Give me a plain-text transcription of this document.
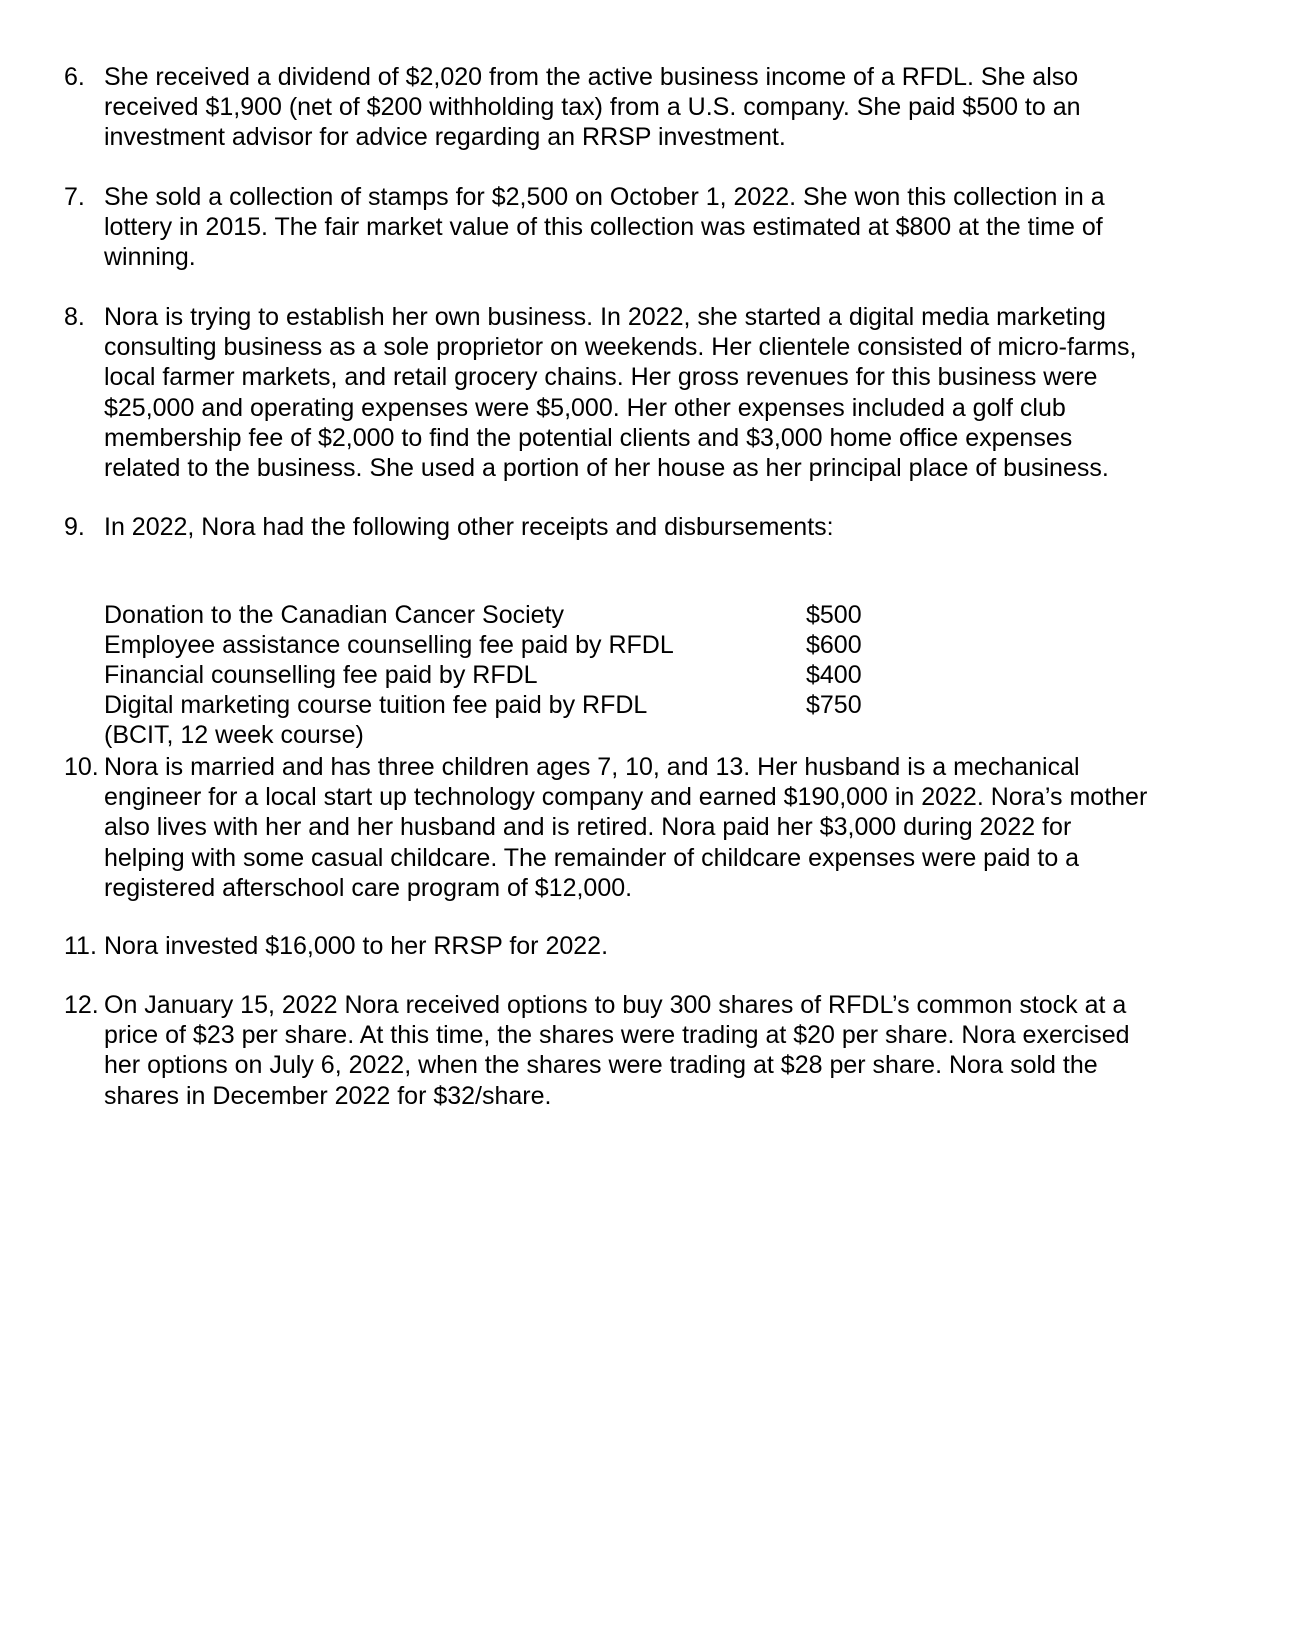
6. She received a dividend of $2,020 from the active business income of a RFDL. She also
received $1,900 (net of $200 withholding tax) from a U.S. company. She paid $500 to an
investment advisor for advice regarding an RRSP investment.
7. She sold a collection of stamps for $2,500 on October 1, 2022. She won this collection in a
lottery in 2015. The fair market value of this collection was estimated at $800 at the time of
winning.
8. Nora is trying to establish her own business. In 2022, she started a digital media marketing
consulting business as a sole proprietor on weekends. Her clientele consisted of micro-farms,
local farmer markets, and retail grocery chains. Her gross revenues for this business were
$25,000 and operating expenses were $5,000. Her other expenses included a golf club
membership fee of $2,000 to find the potential clients and $3,000 home office expenses
related to the business. She used a portion of her house as her principal place of business.
9. In 2022, Nora had the following other receipts and disbursements:
Donation to the Canadian Cancer Society	$500
Employee assistance counselling fee paid by RFDL	$600
Financial counselling fee paid by RFDL	$400
Digital marketing course tuition fee paid by RFDL	$750
(BCIT, 12 week course)
10. Nora is married and has three children ages 7, 10, and 13. Her husband is a mechanical
engineer for a local start up technology company and earned $190,000 in 2022. Nora’s mother
also lives with her and her husband and is retired. Nora paid her $3,000 during 2022 for
helping with some casual childcare. The remainder of childcare expenses were paid to a
registered afterschool care program of $12,000.
11. Nora invested $16,000 to her RRSP for 2022.
12. On January 15, 2022 Nora received options to buy 300 shares of RFDL’s common stock at a
price of $23 per share. At this time, the shares were trading at $20 per share. Nora exercised
her options on July 6, 2022, when the shares were trading at $28 per share. Nora sold the
shares in December 2022 for $32/share.
